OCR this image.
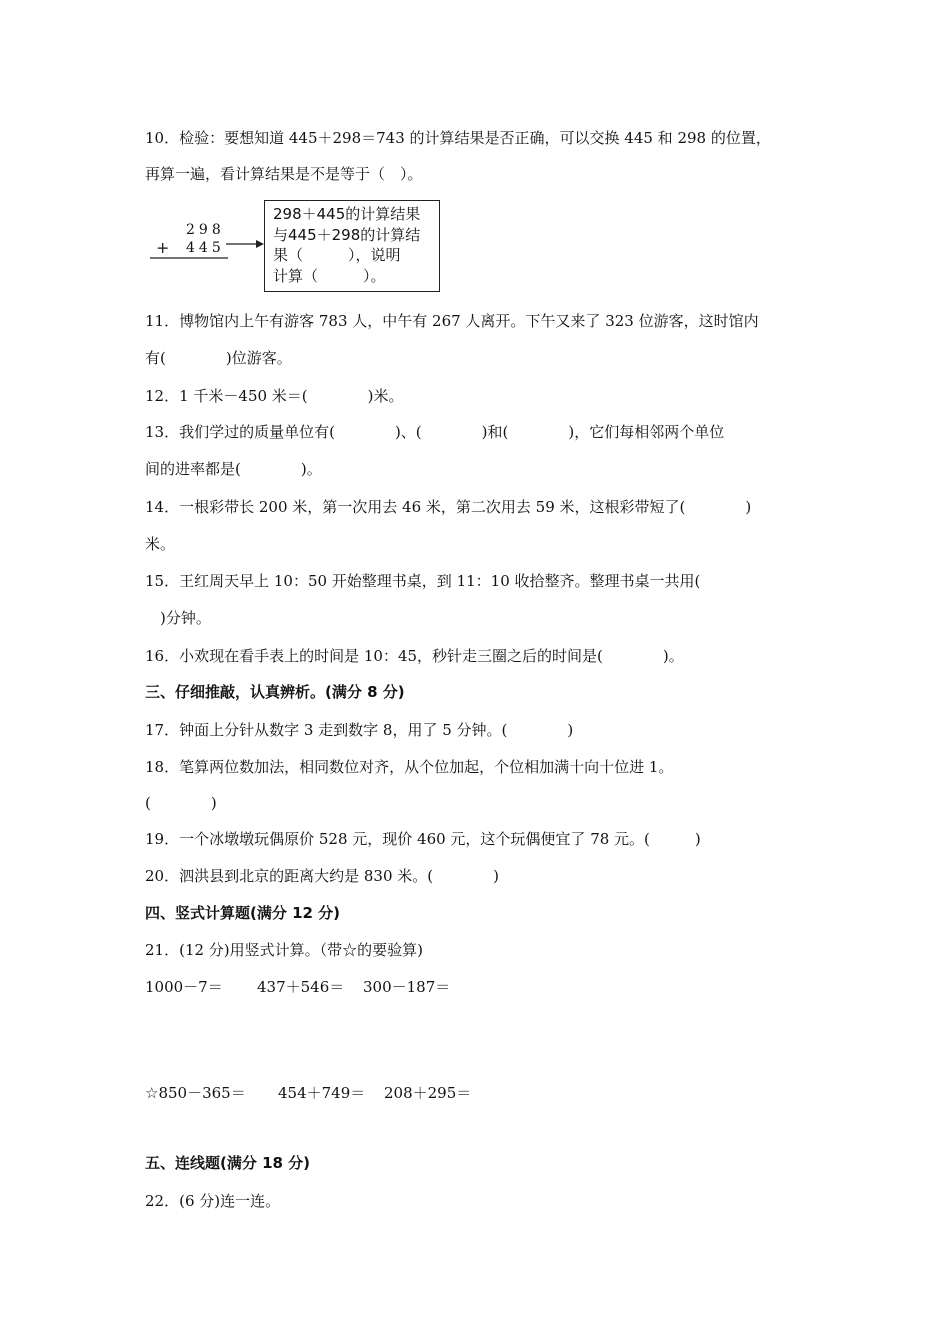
10．检验：要想知道 445＋298＝743 的计算结果是否正确，可以交换 445 和 298 的位置，
再算一遍，看计算结果是不是等于（　）。
298
+ 445
298＋445的计算结果
与445＋298的计算结
果（　　　），说明
计算（　　　）。
11．博物馆内上午有游客 783 人，中午有 267 人离开。下午又来了 323 位游客，这时馆内
有(　　　　)位游客。
12．1 千米－450 米＝(　　　　)米。
13．我们学过的质量单位有(　　　　)、(　　　　)和(　　　　)，它们每相邻两个单位
间的进率都是(　　　　)。
14．一根彩带长 200 米，第一次用去 46 米，第二次用去 59 米，这根彩带短了(　　　　)
米。
15．王红周天早上 10：50 开始整理书桌，到 11：10 收拾整齐。整理书桌一共用(
　)分钟。
16．小欢现在看手表上的时间是 10：45，秒针走三圈之后的时间是(　　　　)。
三、仔细推敲，认真辨析。(满分 8 分)
17．钟面上分针从数字 3 走到数字 8，用了 5 分钟。(　　　　)
18．笔算两位数加法，相同数位对齐，从个位加起，个位相加满十向十位进 1。
(　　　　)
19．一个冰墩墩玩偶原价 528 元，现价 460 元，这个玩偶便宜了 78 元。(　　　)
20．泗洪县到北京的距离大约是 830 米。(　　　　)
四、竖式计算题(满分 12 分)
21．(12 分)用竖式计算。（带☆的要验算)
1000－7＝ 437＋546＝ 300－187＝
☆850－365＝ 454＋749＝ 208＋295＝
五、连线题(满分 18 分)
22．(6 分)连一连。
